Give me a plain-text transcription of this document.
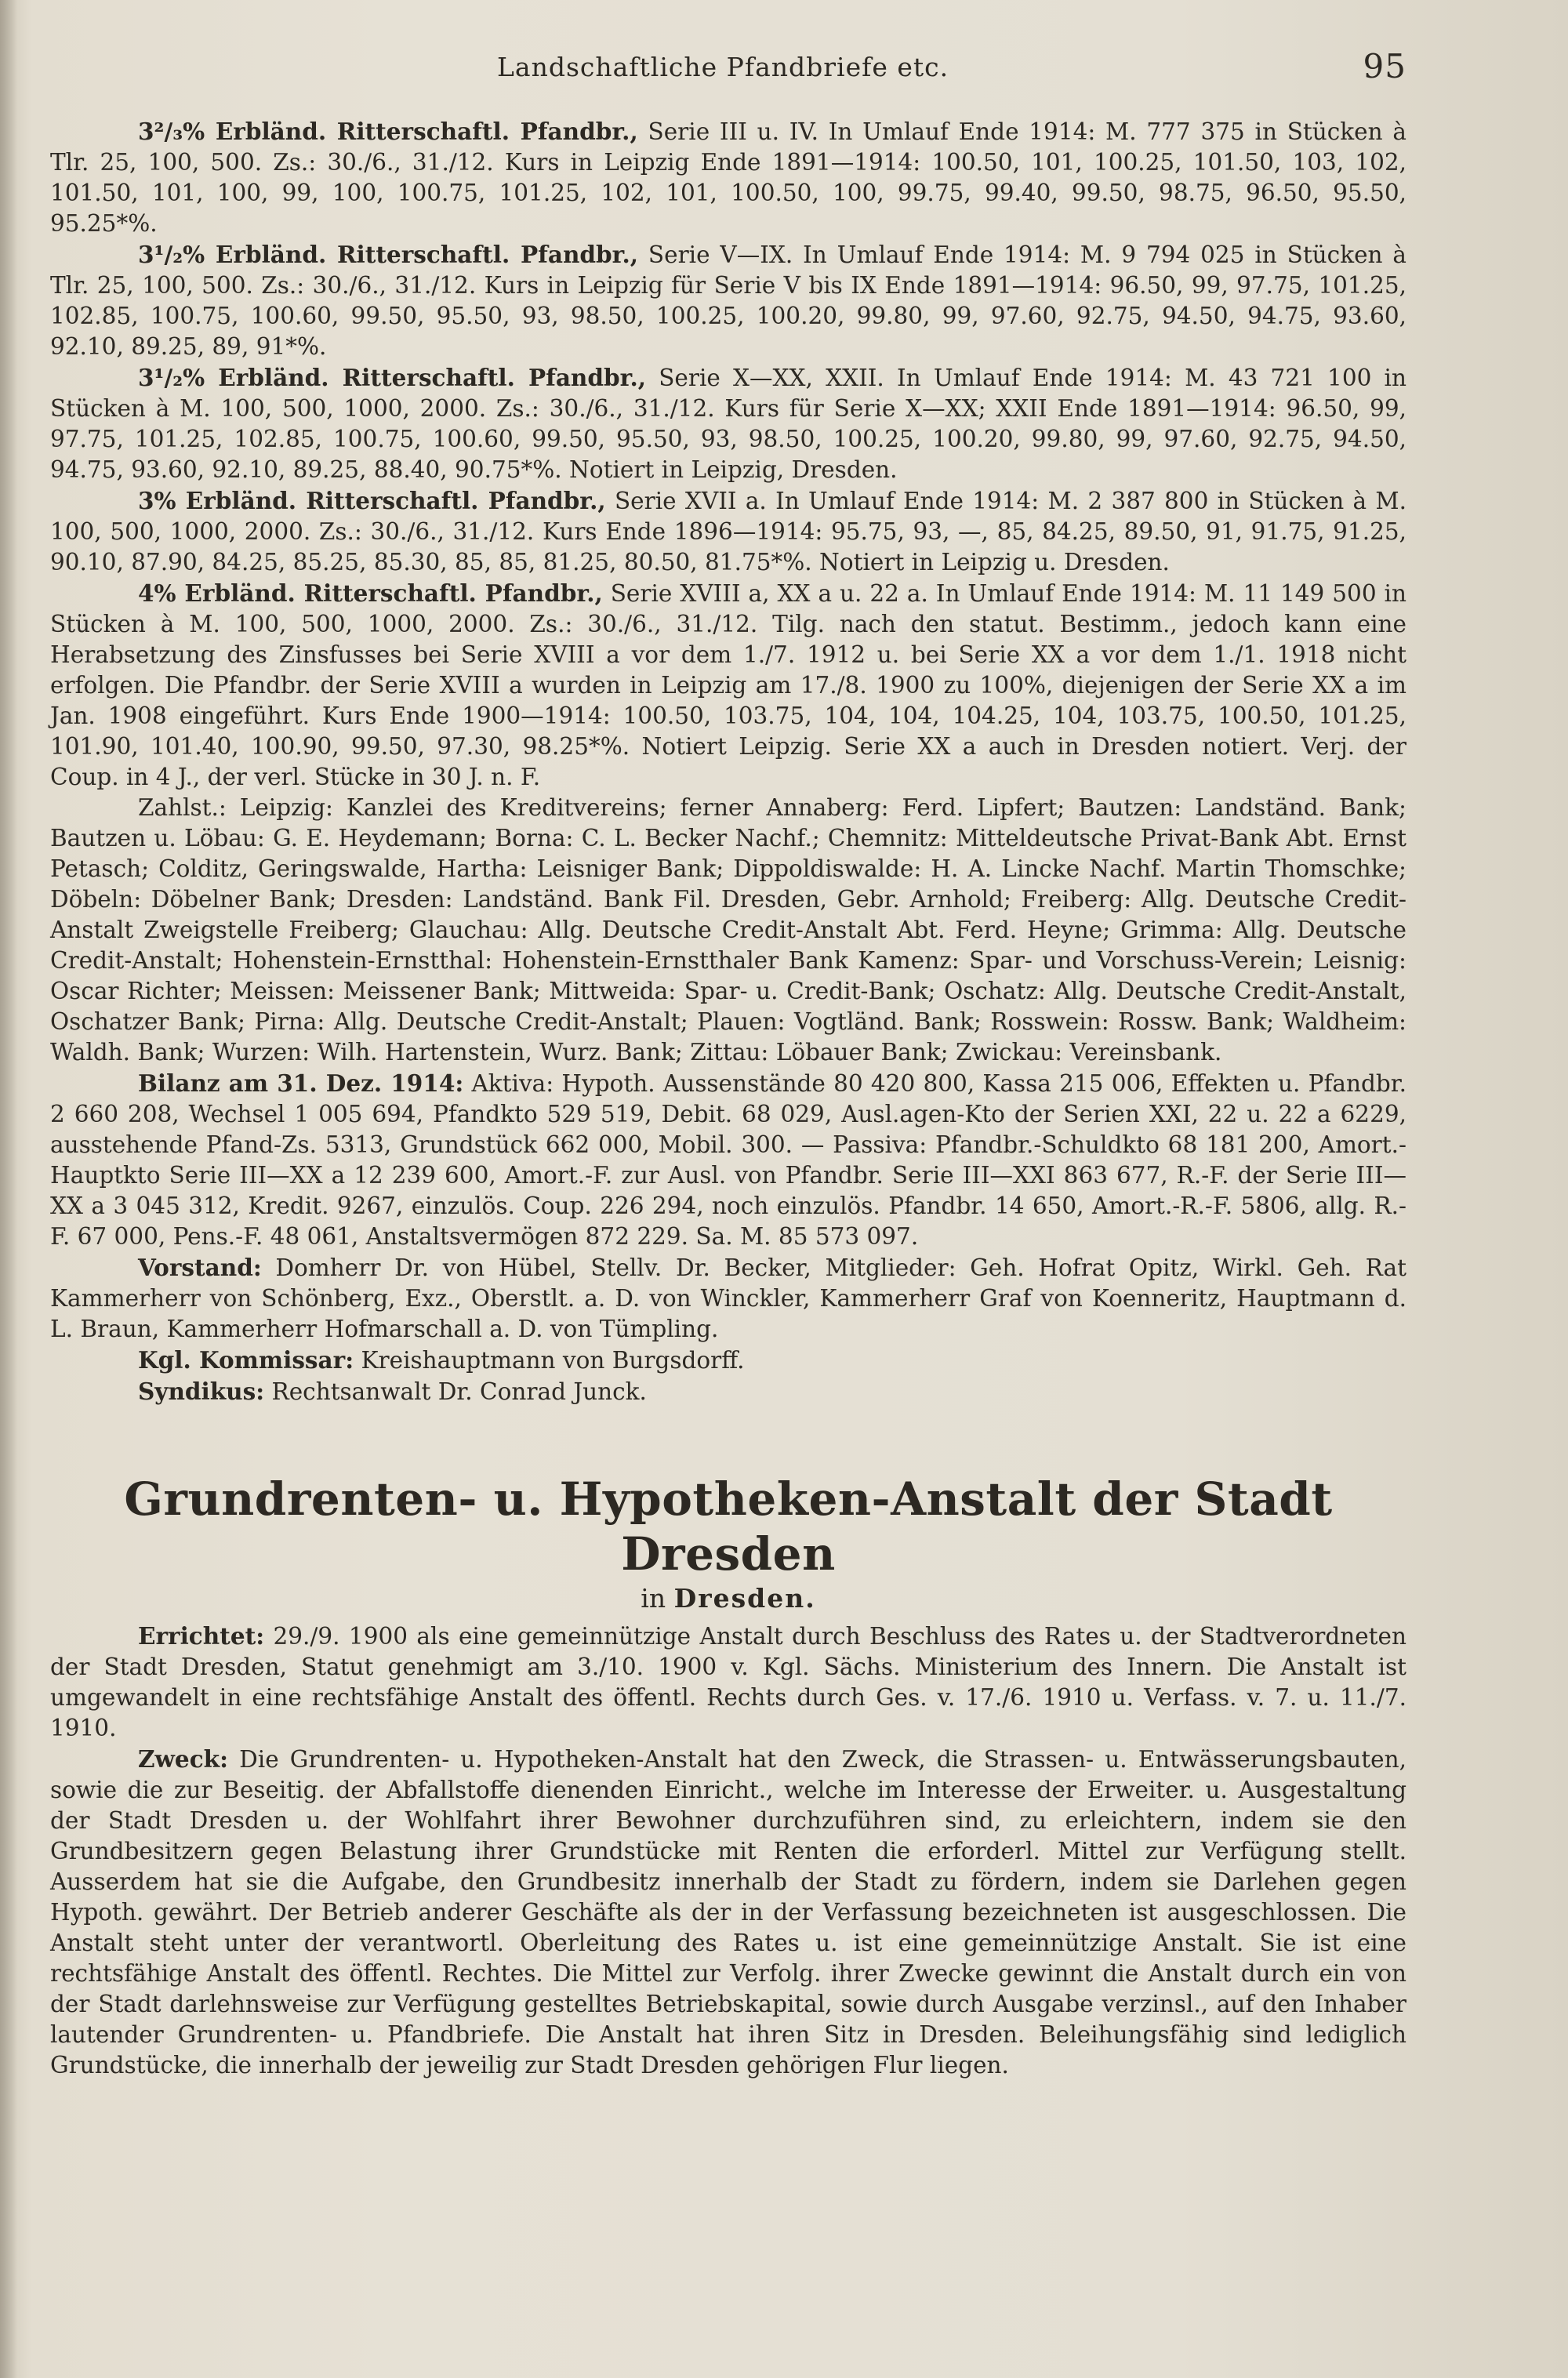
Landschaftliche Pfandbriefe etc.	95

3²/₃% Erbländ. Ritterschaftl. Pfandbr., Serie III u. IV. In Umlauf Ende 1914: M. 777 375 in Stücken à Tlr. 25, 100, 500. Zs.: 30./6., 31./12. Kurs in Leipzig Ende 1891—1914: 100.50, 101, 100.25, 101.50, 103, 102, 101.50, 101, 100, 99, 100, 100.75, 101.25, 102, 101, 100.50, 100, 99.75, 99.40, 99.50, 98.75, 96.50, 95.50, 95.25*%.

3¹/₂% Erbländ. Ritterschaftl. Pfandbr., Serie V—IX. In Umlauf Ende 1914: M. 9 794 025 in Stücken à Tlr. 25, 100, 500. Zs.: 30./6., 31./12. Kurs in Leipzig für Serie V bis IX Ende 1891—1914: 96.50, 99, 97.75, 101.25, 102.85, 100.75, 100.60, 99.50, 95.50, 93, 98.50, 100.25, 100.20, 99.80, 99, 97.60, 92.75, 94.50, 94.75, 93.60, 92.10, 89.25, 89, 91*%.

3¹/₂% Erbländ. Ritterschaftl. Pfandbr., Serie X—XX, XXII. In Umlauf Ende 1914: M. 43 721 100 in Stücken à M. 100, 500, 1000, 2000. Zs.: 30./6., 31./12. Kurs für Serie X—XX; XXII Ende 1891—1914: 96.50, 99, 97.75, 101.25, 102.85, 100.75, 100.60, 99.50, 95.50, 93, 98.50, 100.25, 100.20, 99.80, 99, 97.60, 92.75, 94.50, 94.75, 93.60, 92.10, 89.25, 88.40, 90.75*%. Notiert in Leipzig, Dresden.

3% Erbländ. Ritterschaftl. Pfandbr., Serie XVII a. In Umlauf Ende 1914: M. 2 387 800 in Stücken à M. 100, 500, 1000, 2000. Zs.: 30./6., 31./12. Kurs Ende 1896—1914: 95.75, 93, —, 85, 84.25, 89.50, 91, 91.75, 91.25, 90.10, 87.90, 84.25, 85.25, 85.30, 85, 85, 81.25, 80.50, 81.75*%. Notiert in Leipzig u. Dresden.

4% Erbländ. Ritterschaftl. Pfandbr., Serie XVIII a, XX a u. 22 a. In Umlauf Ende 1914: M. 11 149 500 in Stücken à M. 100, 500, 1000, 2000. Zs.: 30./6., 31./12. Tilg. nach den statut. Bestimm., jedoch kann eine Herabsetzung des Zinsfusses bei Serie XVIII a vor dem 1./7. 1912 u. bei Serie XX a vor dem 1./1. 1918 nicht erfolgen. Die Pfandbr. der Serie XVIII a wurden in Leipzig am 17./8. 1900 zu 100%, diejenigen der Serie XX a im Jan. 1908 eingeführt. Kurs Ende 1900—1914: 100.50, 103.75, 104, 104, 104.25, 104, 103.75, 100.50, 101.25, 101.90, 101.40, 100.90, 99.50, 97.30, 98.25*%. Notiert Leipzig. Serie XX a auch in Dresden notiert. Verj. der Coup. in 4 J., der verl. Stücke in 30 J. n. F.

Zahlst.: Leipzig: Kanzlei des Kreditvereins; ferner Annaberg: Ferd. Lipfert; Bautzen: Landständ. Bank; Bautzen u. Löbau: G. E. Heydemann; Borna: C. L. Becker Nachf.; Chemnitz: Mitteldeutsche Privat-Bank Abt. Ernst Petasch; Colditz, Geringswalde, Hartha: Leisniger Bank; Dippoldiswalde: H. A. Lincke Nachf. Martin Thomschke; Döbeln: Döbelner Bank; Dresden: Landständ. Bank Fil. Dresden, Gebr. Arnhold; Freiberg: Allg. Deutsche Credit-Anstalt Zweigstelle Freiberg; Glauchau: Allg. Deutsche Credit-Anstalt Abt. Ferd. Heyne; Grimma: Allg. Deutsche Credit-Anstalt; Hohenstein-Ernstthal: Hohenstein-Ernstthaler Bank Kamenz: Spar- und Vorschuss-Verein; Leisnig: Oscar Richter; Meissen: Meissener Bank; Mittweida: Spar- u. Credit-Bank; Oschatz: Allg. Deutsche Credit-Anstalt, Oschatzer Bank; Pirna: Allg. Deutsche Credit-Anstalt; Plauen: Vogtländ. Bank; Rosswein: Rossw. Bank; Waldheim: Waldh. Bank; Wurzen: Wilh. Hartenstein, Wurz. Bank; Zittau: Löbauer Bank; Zwickau: Vereinsbank.

Bilanz am 31. Dez. 1914: Aktiva: Hypoth. Aussenstände 80 420 800, Kassa 215 006, Effekten u. Pfandbr. 2 660 208, Wechsel 1 005 694, Pfandkto 529 519, Debit. 68 029, Ausl.agen-Kto der Serien XXI, 22 u. 22 a 6229, ausstehende Pfand-Zs. 5313, Grundstück 662 000, Mobil. 300. — Passiva: Pfandbr.-Schuldkto 68 181 200, Amort.-Hauptkto Serie III—XX a 12 239 600, Amort.-F. zur Ausl. von Pfandbr. Serie III—XXI 863 677, R.-F. der Serie III—XX a 3 045 312, Kredit. 9267, einzulös. Coup. 226 294, noch einzulös. Pfandbr. 14 650, Amort.-R.-F. 5806, allg. R.-F. 67 000, Pens.-F. 48 061, Anstaltsvermögen 872 229. Sa. M. 85 573 097.

Vorstand: Domherr Dr. von Hübel, Stellv. Dr. Becker, Mitglieder: Geh. Hofrat Opitz, Wirkl. Geh. Rat Kammerherr von Schönberg, Exz., Oberstlt. a. D. von Winckler, Kammerherr Graf von Koenneritz, Hauptmann d. L. Braun, Kammerherr Hofmarschall a. D. von Tümpling.

Kgl. Kommissar: Kreishauptmann von Burgsdorff.

Syndikus: Rechtsanwalt Dr. Conrad Junck.

Grundrenten- u. Hypotheken-Anstalt der Stadt Dresden
in Dresden.

Errichtet: 29./9. 1900 als eine gemeinnützige Anstalt durch Beschluss des Rates u. der Stadtverordneten der Stadt Dresden, Statut genehmigt am 3./10. 1900 v. Kgl. Sächs. Ministerium des Innern. Die Anstalt ist umgewandelt in eine rechtsfähige Anstalt des öffentl. Rechts durch Ges. v. 17./6. 1910 u. Verfass. v. 7. u. 11./7. 1910.

Zweck: Die Grundrenten- u. Hypotheken-Anstalt hat den Zweck, die Strassen- u. Entwässerungsbauten, sowie die zur Beseitig. der Abfallstoffe dienenden Einricht., welche im Interesse der Erweiter. u. Ausgestaltung der Stadt Dresden u. der Wohlfahrt ihrer Bewohner durchzuführen sind, zu erleichtern, indem sie den Grundbesitzern gegen Belastung ihrer Grundstücke mit Renten die erforderl. Mittel zur Verfügung stellt. Ausserdem hat sie die Aufgabe, den Grundbesitz innerhalb der Stadt zu fördern, indem sie Darlehen gegen Hypoth. gewährt. Der Betrieb anderer Geschäfte als der in der Verfassung bezeichneten ist ausgeschlossen. Die Anstalt steht unter der verantwortl. Oberleitung des Rates u. ist eine gemeinnützige Anstalt. Sie ist eine rechtsfähige Anstalt des öffentl. Rechtes. Die Mittel zur Verfolg. ihrer Zwecke gewinnt die Anstalt durch ein von der Stadt darlehnsweise zur Verfügung gestelltes Betriebskapital, sowie durch Ausgabe verzinsl., auf den Inhaber lautender Grundrenten- u. Pfandbriefe. Die Anstalt hat ihren Sitz in Dresden. Beleihungsfähig sind lediglich Grundstücke, die innerhalb der jeweilig zur Stadt Dresden gehörigen Flur liegen.
